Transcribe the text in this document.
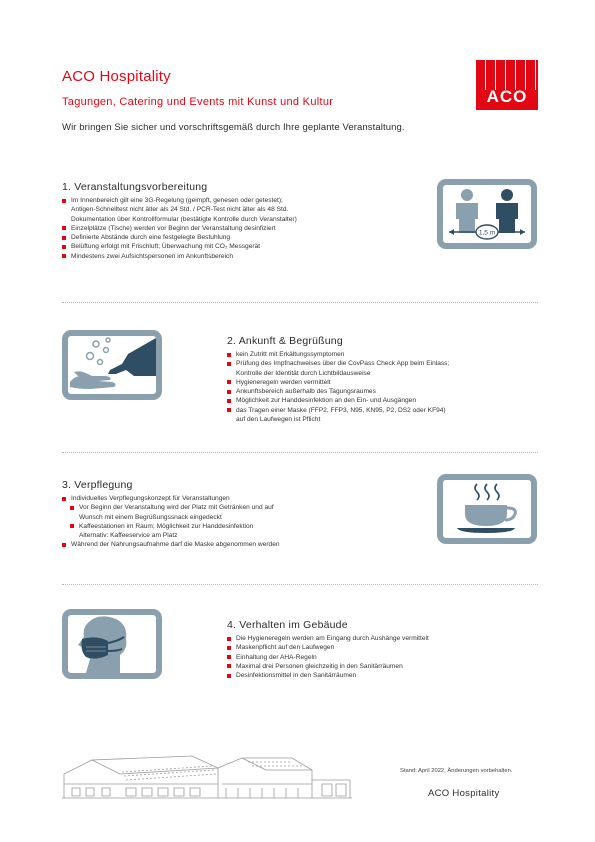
ACO Hospitality
Tagungen, Catering und Events mit Kunst und Kultur
Wir bringen Sie sicher und vorschriftsgemäß durch Ihre geplante Veranstaltung.
ACO
1. Veranstaltungsvorbereitung
Im Innenbereich gilt eine 3G-Regelung (geimpft, genesen oder getestet);
Antigen-Schnelltest nicht älter als 24 Std. / PCR-Test nicht älter als 48 Std.
Dokumentation über Kontrollformular (bestätigte Kontrolle durch Veranstalter)
Einzelplätze (Tische) werden vor Beginn der Veranstaltung desinfiziert
Definierte Abstände durch eine festgelegte Bestuhlung
Belüftung erfolgt mit Frischluft; Überwachung mit CO₂ Messgerät
Mindestens zwei Aufsichtspersonen im Ankunftsbereich
1,5 m
2. Ankunft & Begrüßung
kein Zutritt mit Erkältungssymptomen
Prüfung des Impfnachweises über die CovPass Check App beim Einlass;
Kontrolle der Identität durch Lichtbildausweise
Hygieneregeln werden vermittelt
Ankunftsbereich außerhalb des Tagungsraumes
Möglichkeit zur Handdesinfektion an den Ein- und Ausgängen
das Tragen einer Maske (FFP2, FFP3, N95, KN95, P2, DS2 oder KF94)
auf den Laufwegen ist Pflicht
3. Verpflegung
Individuelles Verpflegungskonzept für Veranstaltungen
Vor Beginn der Veranstaltung wird der Platz mit Getränken und auf
Wunsch mit einem Begrüßungssnack eingedeckt
Kaffeestationen im Raum; Möglichkeit zur Handdesinfektion
Alternativ: Kaffeeservice am Platz
Während der Nahrungsaufnahme darf die Maske abgenommen werden
4. Verhalten im Gebäude
Die Hygieneregeln werden am Eingang durch Aushänge vermittelt
Maskenpflicht auf den Laufwegen
Einhaltung der AHA-Regeln
Maximal drei Personen gleichzeitig in den Sanitärräumen
Desinfektionsmittel in den Sanitärräumen
Stand: April 2022, Änderungen vorbehalten.
ACO Hospitality
